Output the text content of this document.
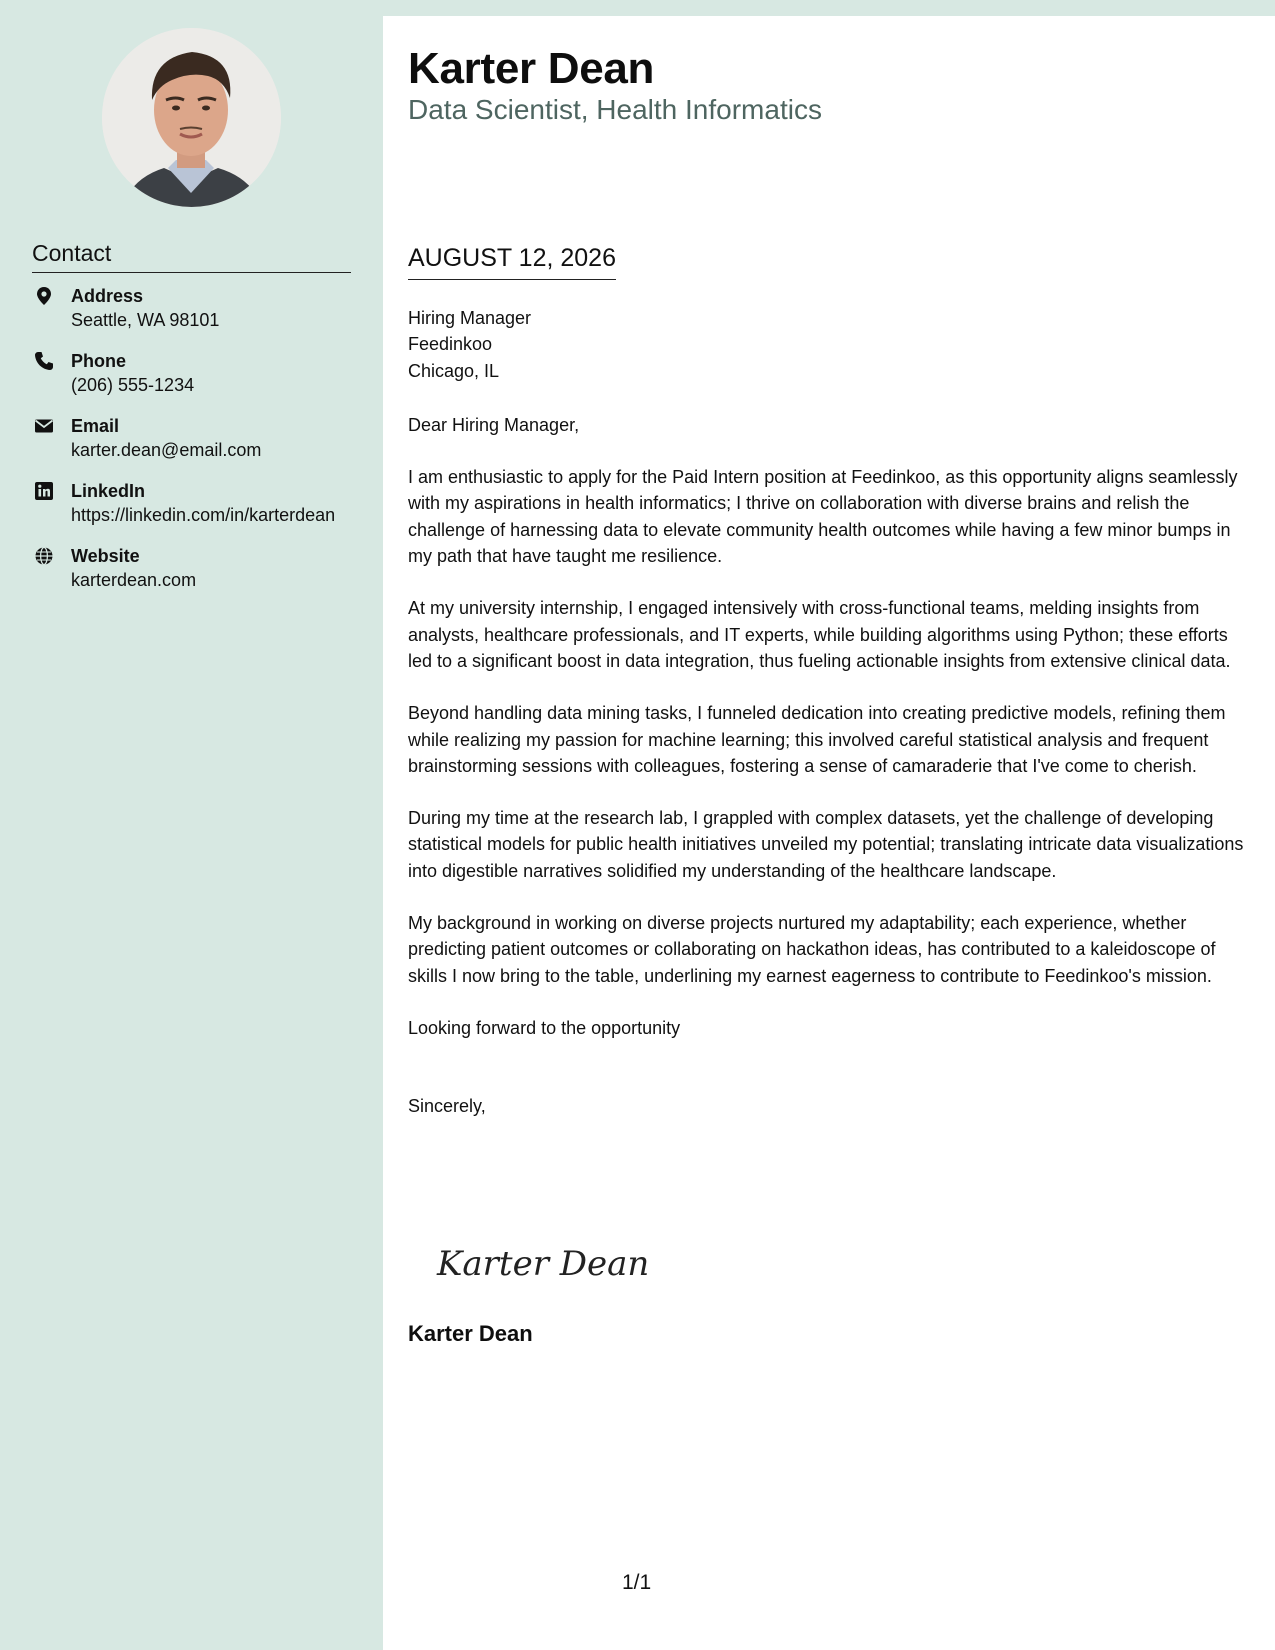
Contact
Address
Seattle, WA 98101
Phone
(206) 555-1234
Email
karter.dean@email.com
LinkedIn
https://linkedin.com/in/karterdean
Website
karterdean.com
Karter Dean
Data Scientist, Health Informatics
AUGUST 12, 2026
Hiring Manager
Feedinkoo
Chicago, IL
Dear Hiring Manager,

I am enthusiastic to apply for the Paid Intern position at Feedinkoo, as this opportunity aligns seamlessly with my aspirations in health informatics; I thrive on collaboration with diverse brains and relish the challenge of harnessing data to elevate community health outcomes while having a few minor bumps in my path that have taught me resilience.

At my university internship, I engaged intensively with cross-functional teams, melding insights from analysts, healthcare professionals, and IT experts, while building algorithms using Python; these efforts led to a significant boost in data integration, thus fueling actionable insights from extensive clinical data.

Beyond handling data mining tasks, I funneled dedication into creating predictive models, refining them while realizing my passion for machine learning; this involved careful statistical analysis and frequent brainstorming sessions with colleagues, fostering a sense of camaraderie that I've come to cherish.

During my time at the research lab, I grappled with complex datasets, yet the challenge of developing statistical models for public health initiatives unveiled my potential; translating intricate data visualizations into digestible narratives solidified my understanding of the healthcare landscape.

My background in working on diverse projects nurtured my adaptability; each experience, whether predicting patient outcomes or collaborating on hackathon ideas, has contributed to a kaleidoscope of skills I now bring to the table, underlining my earnest eagerness to contribute to Feedinkoo's mission.

Looking forward to the opportunity
Sincerely,
Karter Dean
Karter Dean
1/1
